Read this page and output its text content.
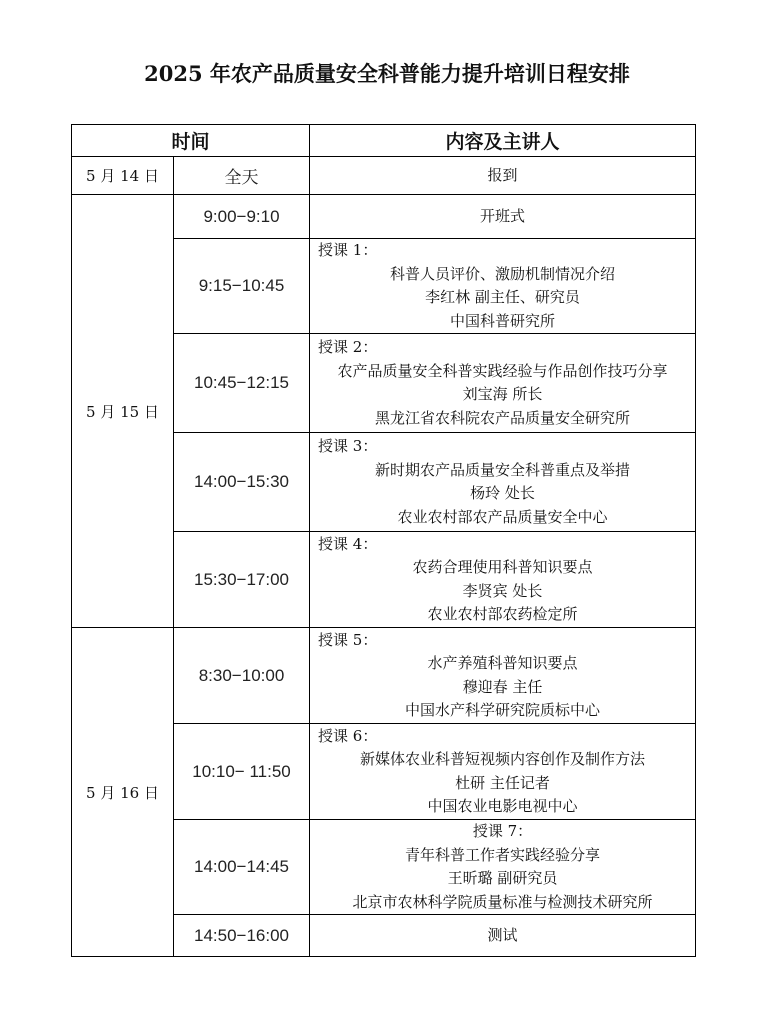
2025 年农产品质量安全科普能力提升培训日程安排
时间		内容及主讲人
5 月 14 日	全天	报到

5 月 15 日	9:00−9:10	开班式

	9:15−10:45	授课 1：
科普人员评价、激励机制情况介绍
李红林 副主任、研究员
中国科普研究所

	10:45−12:15	授课 2：
农产品质量安全科普实践经验与作品创作技巧分享
刘宝海 所长
黑龙江省农科院农产品质量安全研究所

	14:00−15:30	授课 3：
新时期农产品质量安全科普重点及举措
杨玲 处长
农业农村部农产品质量安全中心

	15:30−17:00	授课 4：
农药合理使用科普知识要点
李贤宾 处长
农业农村部农药检定所

5 月 16 日	8:30−10:00	授课 5：
水产养殖科普知识要点
穆迎春 主任
中国水产科学研究院质标中心

	10:10− 11:50	授课 6：
新媒体农业科普短视频内容创作及制作方法
杜研 主任记者
中国农业电影电视中心

	14:00−14:45	授课 7：
青年科普工作者实践经验分享
王昕璐 副研究员
北京市农林科学院质量标准与检测技术研究所

	14:50−16:00	测试
